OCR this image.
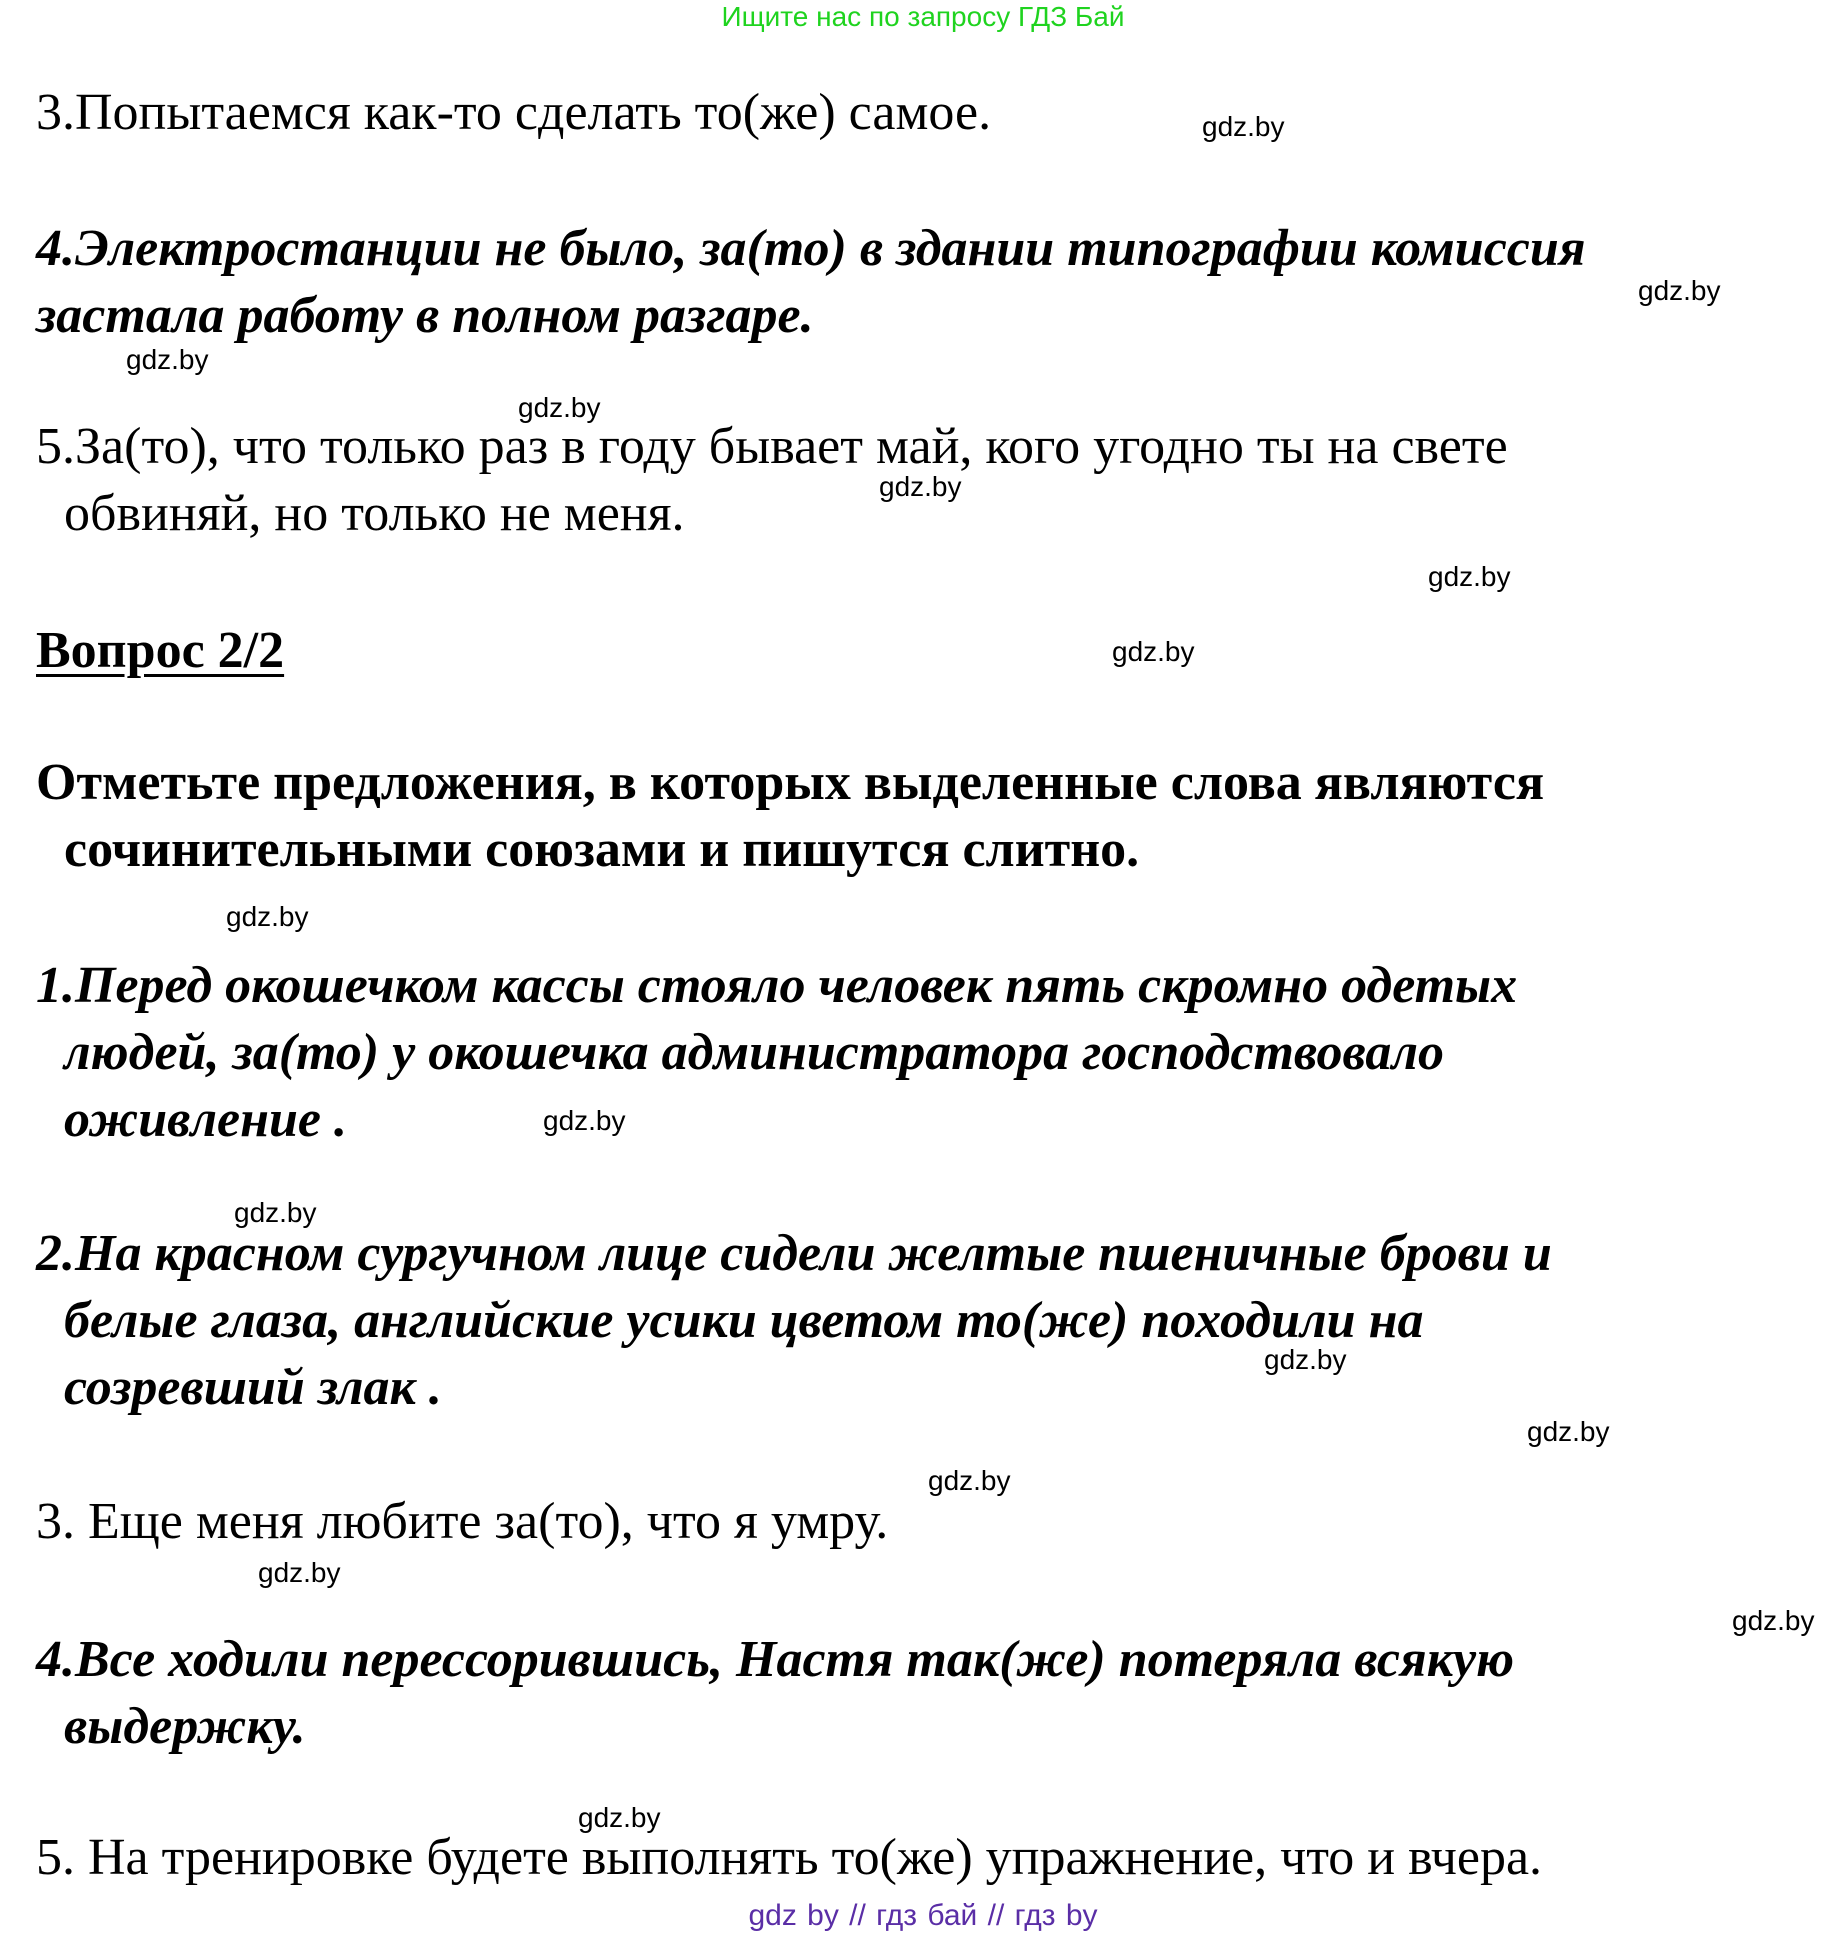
Ищите нас по запросу ГДЗ Бай
3.Попытаемся как-то сделать то(же) самое.	gdz.by
4.Электростанции не было, за(то) в здании типографии комиссия
gdz.by
застала работу в полном разгаре.
gdz.by
gdz.by
5.За(то), что только раз в году бывает май, кого угодно ты на свете
gdz.by
обвиняй, но только не меня.
gdz.by
Вопрос 2/2	gdz.by
Отметьте предложения, в которых выделенные слова являются
сочинительными союзами и пишутся слитно.
gdz.by
1.Перед окошечком кассы стояло человек пять скромно одетых
людей, за(то) у окошечка администратора господствовало
оживление .	gdz.by
gdz.by
2.На красном сургучном лице сидели желтые пшеничные брови и
белые глаза, английские усики цветом то(же) походили на
gdz.by
созревший злак .
gdz.by
gdz.by
3. Еще меня любите за(то), что я умру.
gdz.by
gdz.by
4.Все ходили перессорившись, Настя так(же) потеряла всякую
выдержку.
gdz.by
5. На тренировке будете выполнять то(же) упражнение, что и вчера.
gdz by // гдз бай // гдз by
